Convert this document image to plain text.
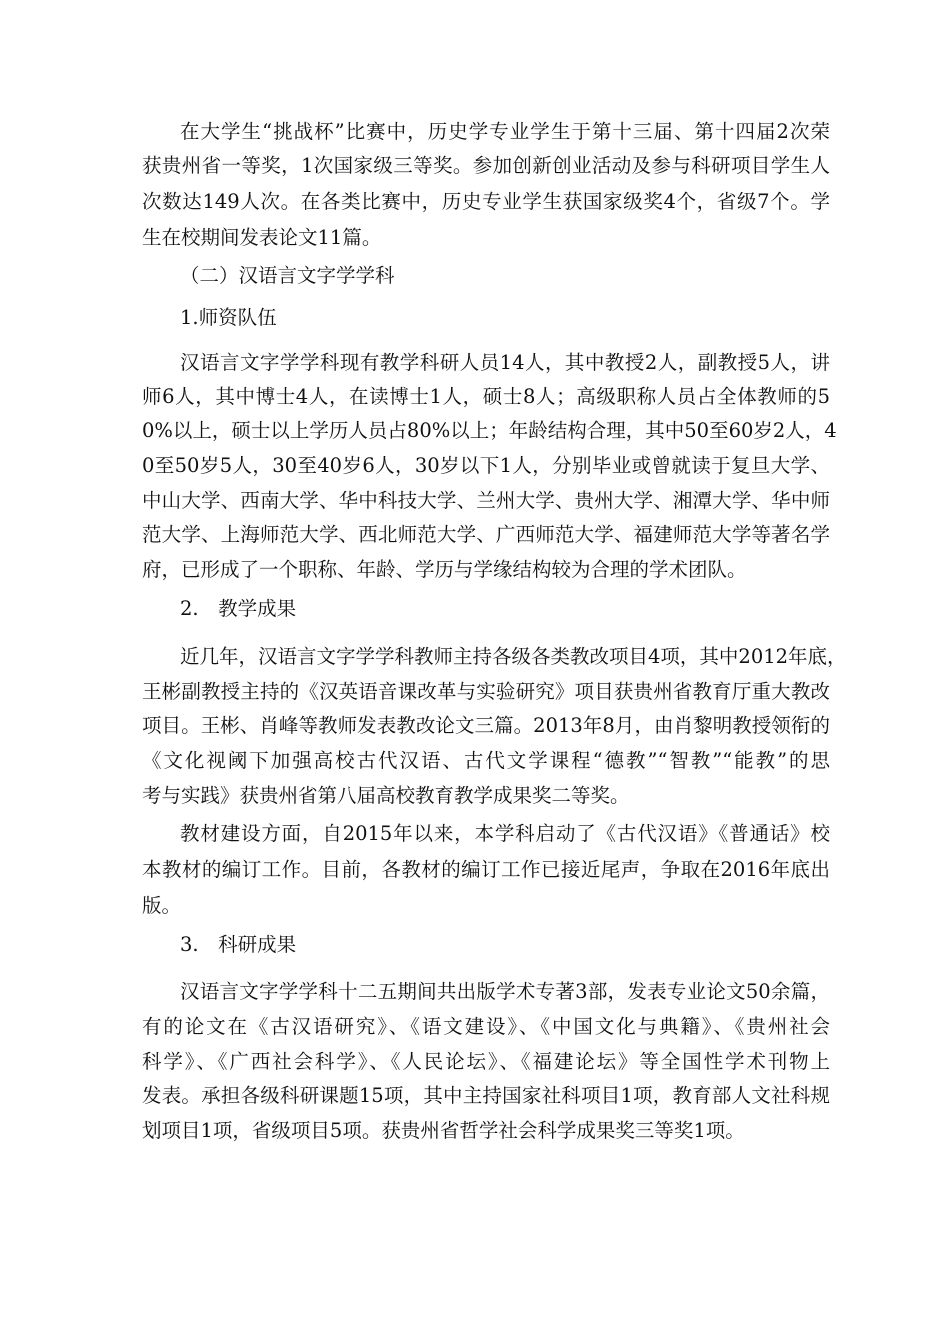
在大学生“挑战杯”比赛中，历史学专业学生于第十三届、第十四届2次荣
获贵州省一等奖，1次国家级三等奖。参加创新创业活动及参与科研项目学生人
次数达149人次。在各类比赛中，历史专业学生获国家级奖4个，省级7个。学
生在校期间发表论文11篇。
（二）汉语言文字学学科
1.师资队伍
汉语言文字学学科现有教学科研人员14人，其中教授2人，副教授5人，讲
师6人，其中博士4人，在读博士1人，硕士8人；高级职称人员占全体教师的5
0%以上，硕士以上学历人员占80%以上；年龄结构合理，其中50至60岁2人，4
0至50岁5人，30至40岁6人，30岁以下1人，分别毕业或曾就读于复旦大学、
中山大学、西南大学、华中科技大学、兰州大学、贵州大学、湘潭大学、华中师
范大学、上海师范大学、西北师范大学、广西师范大学、福建师范大学等著名学
府，已形成了一个职称、年龄、学历与学缘结构较为合理的学术团队。
2.　教学成果
近几年，汉语言文字学学科教师主持各级各类教改项目4项，其中2012年底，
王彬副教授主持的《汉英语音课改革与实验研究》项目获贵州省教育厅重大教改
项目。王彬、肖峰等教师发表教改论文三篇。2013年8月，由肖黎明教授领衔的
《文化视阈下加强高校古代汉语、古代文学课程“德教”“智教”“能教”的思
考与实践》获贵州省第八届高校教育教学成果奖二等奖。
教材建设方面，自2015年以来，本学科启动了《古代汉语》《普通话》校
本教材的编订工作。目前，各教材的编订工作已接近尾声，争取在2016年底出
版。
3.　科研成果
汉语言文字学学科十二五期间共出版学术专著3部，发表专业论文50余篇，
有的论文在《古汉语研究》、《语文建设》、《中国文化与典籍》、《贵州社会
科学》、《广西社会科学》、《人民论坛》、《福建论坛》等全国性学术刊物上
发表。承担各级科研课题15项，其中主持国家社科项目1项，教育部人文社科规
划项目1项，省级项目5项。获贵州省哲学社会科学成果奖三等奖1项。
